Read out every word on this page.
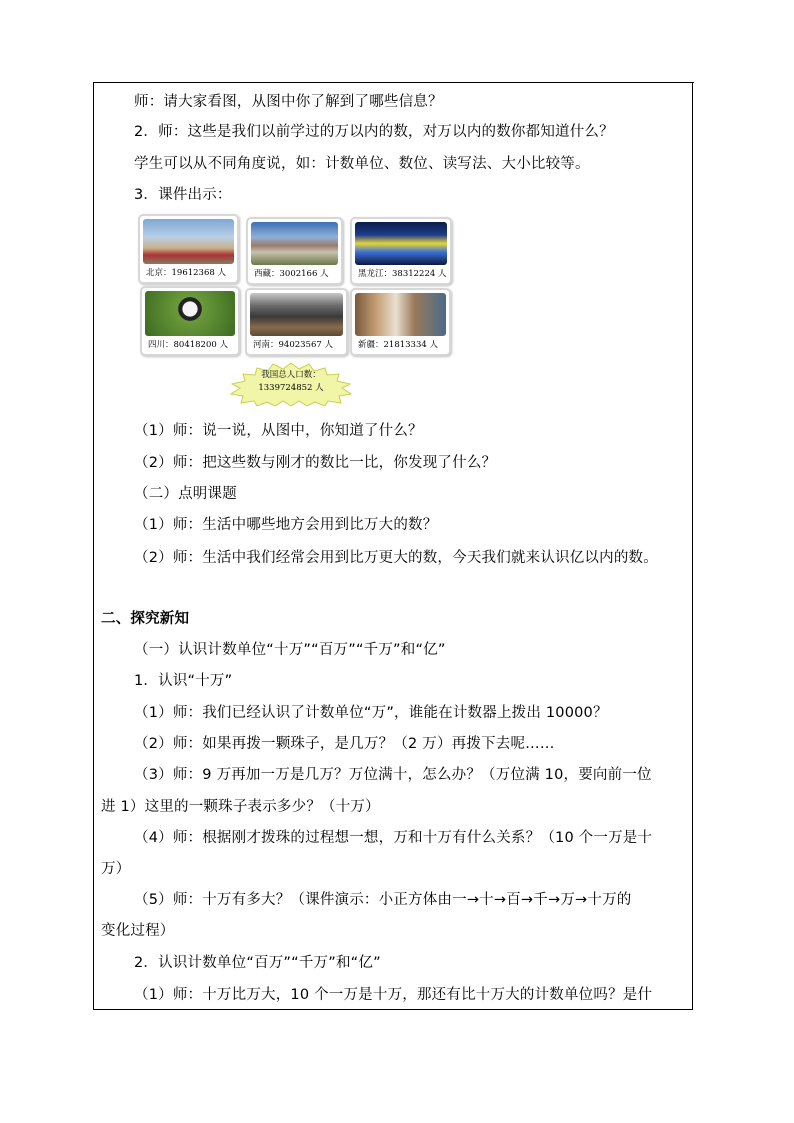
师：请大家看图，从图中你了解到了哪些信息？
2．师：这些是我们以前学过的万以内的数，对万以内的数你都知道什么？
学生可以从不同角度说，如：计数单位、数位、读写法、大小比较等。
3．课件出示：
北京：19612368 人	西藏：3002166 人	黑龙江：38312224 人
四川：80418200 人	河南：94023567 人	新疆：21813334 人
我国总人口数：
1339724852 人
（1）师：说一说，从图中，你知道了什么？
（2）师：把这些数与刚才的数比一比，你发现了什么？
（二）点明课题
（1）师：生活中哪些地方会用到比万大的数？
（2）师：生活中我们经常会用到比万更大的数，今天我们就来认识亿以内的数。
二、探究新知
（一）认识计数单位“十万”“百万”“千万”和“亿”
1．认识“十万”
（1）师：我们已经认识了计数单位“万”，谁能在计数器上拨出 10000？
（2）师：如果再拨一颗珠子，是几万？（2 万）再拨下去呢……
（3）师：9 万再加一万是几万？万位满十，怎么办？（万位满 10，要向前一位
进 1）这里的一颗珠子表示多少？（十万）
（4）师：根据刚才拨珠的过程想一想，万和十万有什么关系？（10 个一万是十
万）
（5）师：十万有多大？（课件演示：小正方体由一→十→百→千→万→十万的
变化过程）
2．认识计数单位“百万”“千万”和“亿”
（1）师：十万比万大，10 个一万是十万，那还有比十万大的计数单位吗？是什
